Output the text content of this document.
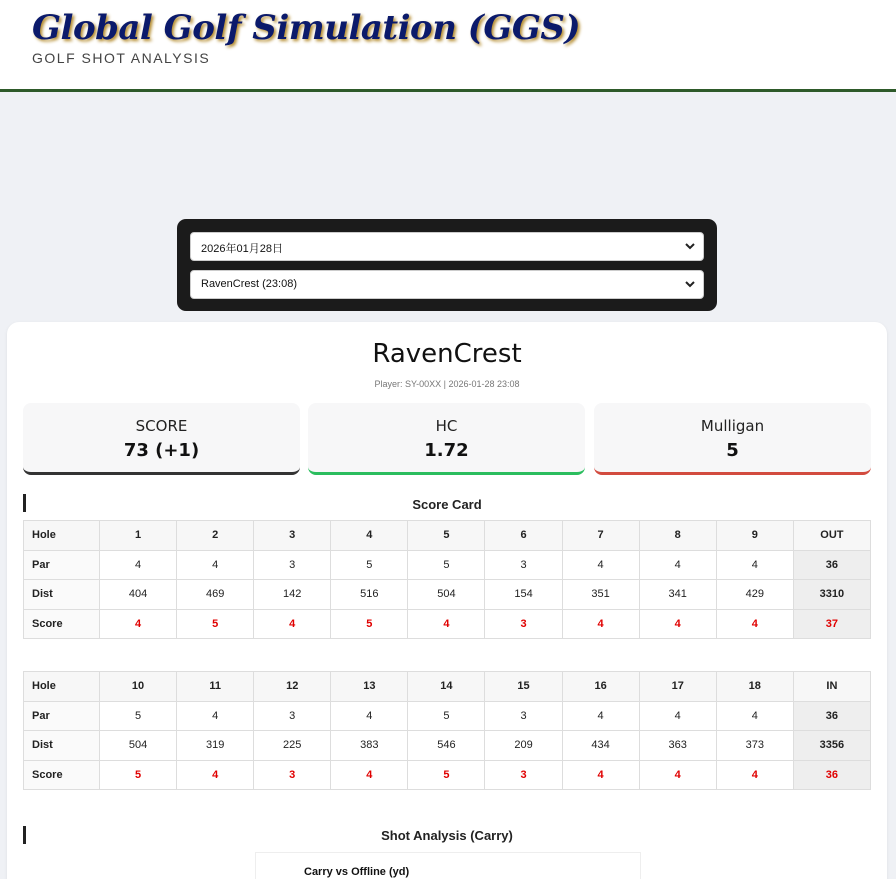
Global Golf Simulation (GGS)
GOLF SHOT ANALYSIS
2026年01月28日
RavenCrest (23:08)
RavenCrest
Player: SY-00XX | 2026-01-28 23:08
SCORE
73 (+1)
HC
1.72
Mulligan
5
Score Card
Hole	1	2	3	4	5	6	7	8	9	OUT
Par	4	4	3	5	5	3	4	4	4	36
Dist	404	469	142	516	504	154	351	341	429	3310
Score	4	5	4	5	4	3	4	4	4	37
Hole	10	11	12	13	14	15	16	17	18	IN
Par	5	4	3	4	5	3	4	4	4	36
Dist	504	319	225	383	546	209	434	363	373	3356
Score	5	4	3	4	5	3	4	4	4	36
Shot Analysis (Carry)
Carry vs Offline (yd)
